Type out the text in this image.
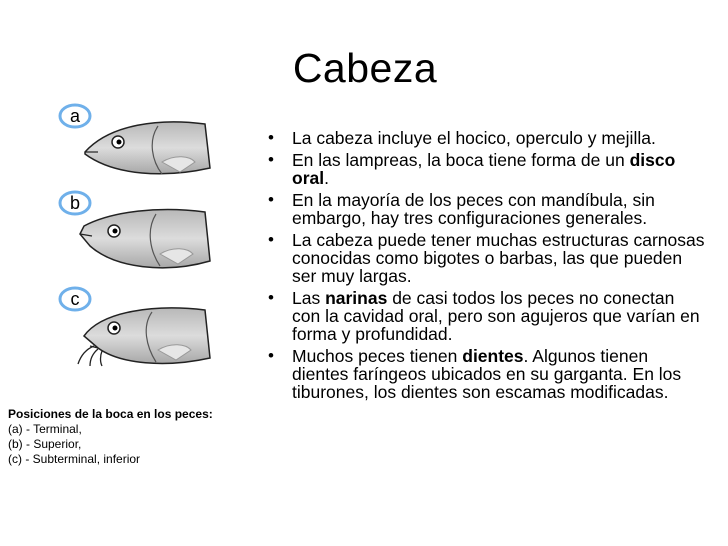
Cabeza
a
b
c
Posiciones de la boca en los peces:
(a) - Terminal,
(b) - Superior,
(c) - Subterminal, inferior
• La cabeza incluye el hocico, operculo y mejilla.
• En las lampreas, la boca tiene forma de un disco oral.
• En la mayoría de los peces con mandíbula, sin embargo, hay tres configuraciones generales.
• La cabeza puede tener muchas estructuras carnosas conocidas como bigotes o barbas, las que pueden ser muy largas.
• Las narinas de casi todos los peces no conectan con la cavidad oral, pero son agujeros que varían en forma y profundidad.
• Muchos peces tienen dientes. Algunos tienen dientes faríngeos ubicados en su garganta. En los tiburones, los dientes son escamas modificadas.
